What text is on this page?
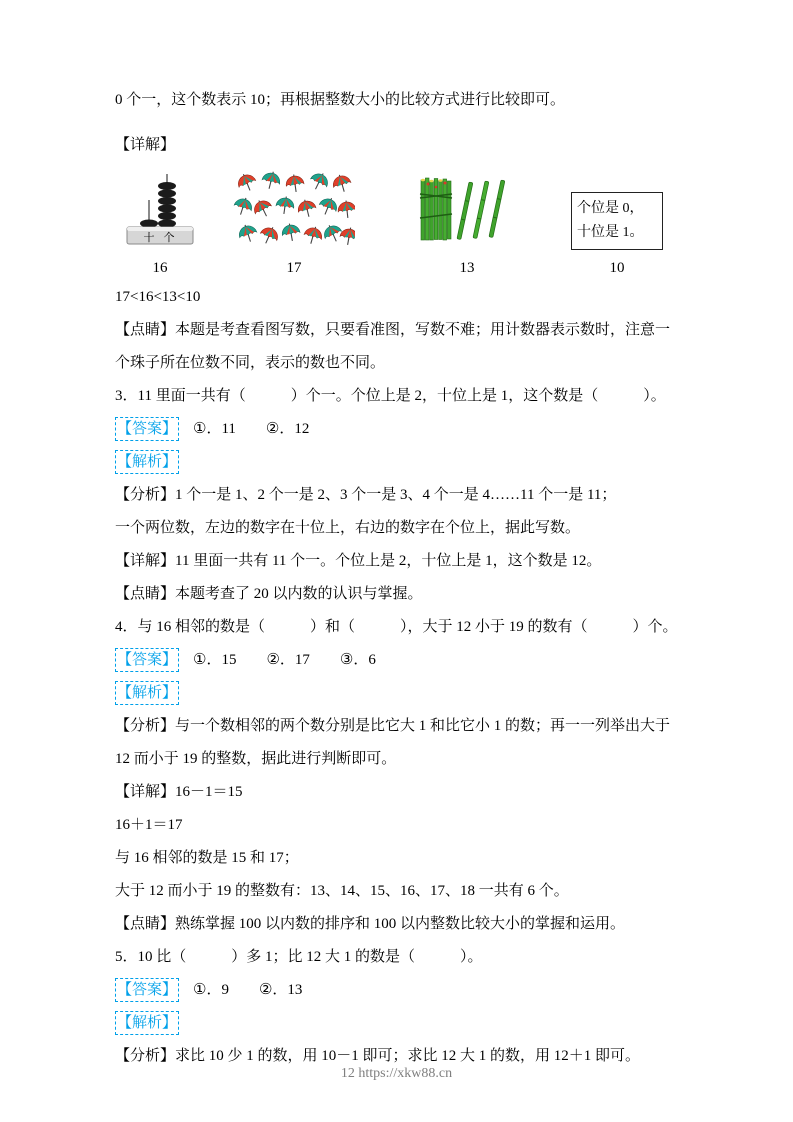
0 个一，这个数表示 10；再根据整数大小的比较方式进行比较即可。

【详解】

十 个
16	17	13
个位是 0，
十位是 1。
10

17<16<13<10

【点睛】本题是考查看图写数，只要看准图，写数不难；用计数器表示数时，注意一个珠子所在位数不同，表示的数也不同。

3．11 里面一共有（　　　）个一。个位上是 2，十位上是 1，这个数是（　　　）。

【答案】 ①．11　　②．12

【解析】

【分析】1 个一是 1、2 个一是 2、3 个一是 3、4 个一是 4……11 个一是 11；

一个两位数，左边的数字在十位上，右边的数字在个位上，据此写数。

【详解】11 里面一共有 11 个一。个位上是 2，十位上是 1，这个数是 12。

【点睛】本题考查了 20 以内数的认识与掌握。

4．与 16 相邻的数是（　　　）和（　　　），大于 12 小于 19 的数有（　　　）个。

【答案】 ①．15　　②．17　　③．6

【解析】

【分析】与一个数相邻的两个数分别是比它大 1 和比它小 1 的数；再一一列举出大于 12 而小于 19 的整数，据此进行判断即可。

【详解】16－1＝15

16＋1＝17

与 16 相邻的数是 15 和 17；

大于 12 而小于 19 的整数有：13、14、15、16、17、18 一共有 6 个。

【点睛】熟练掌握 100 以内数的排序和 100 以内整数比较大小的掌握和运用。

5．10 比（　　　）多 1；比 12 大 1 的数是（　　　）。

【答案】 ①．9　　②．13

【解析】

【分析】求比 10 少 1 的数，用 10－1 即可；求比 12 大 1 的数，用 12＋1 即可。

12 https://xkw88.cn
